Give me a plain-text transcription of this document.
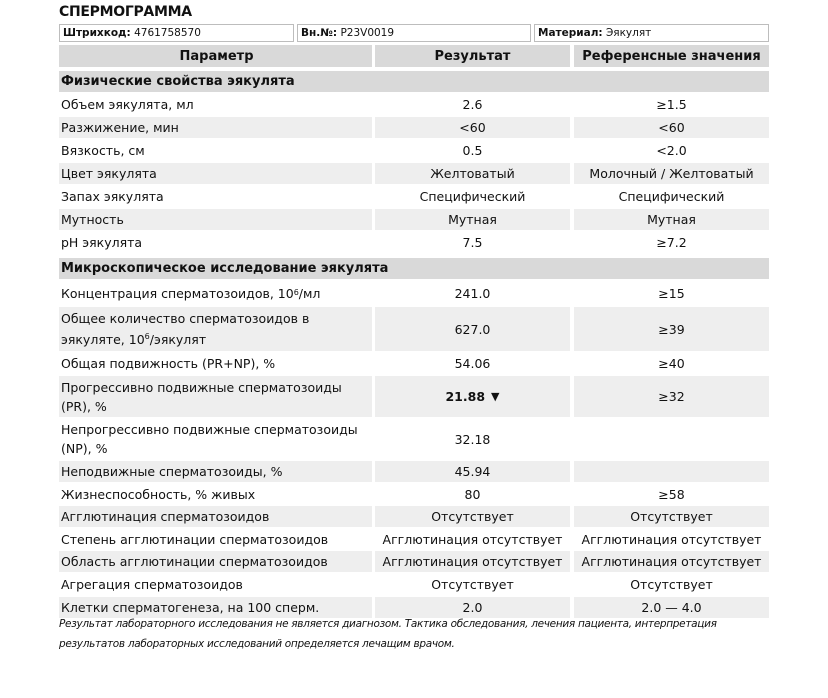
СПЕРМОГРАММА
Штрихкод: 4761758570	Вн.№: P23V0019	Материал: Эякулят
Параметр	Результат	Референсные значения
Физические свойства эякулята
Объем эякулята, мл	2.6	≥1.5
Разжижение, мин	<60	<60
Вязкость, см	0.5	<2.0
Цвет эякулята	Желтоватый	Молочный / Желтоватый
Запах эякулята	Специфический	Специфический
Мутность	Мутная	Мутная
pH эякулята	7.5	≥7.2
Микроскопическое исследование эякулята
Концентрация сперматозоидов, 10 6 /мл	241.0	≥15
Общее количество сперматозоидов в
эякуляте, $10^6$/эякулят
627.0	≥39
Общая подвижность (PR+NP), %	54.06	≥40
Прогрессивно подвижные сперматозоиды
(PR), %
21.88 ▼	≥32
Непрогрессивно подвижные сперматозоиды
(NP), %
32.18
Неподвижные сперматозоиды, %	45.94
Жизнеспособность, % живых	80	≥58
Агглютинация сперматозоидов	Отсутствует	Отсутствует
Степень агглютинации сперматозоидов	Агглютинация отсутствует	Агглютинация отсутствует
Область агглютинации сперматозоидов	Агглютинация отсутствует	Агглютинация отсутствует
Агрегация сперматозоидов	Отсутствует	Отсутствует
Клетки сперматогенеза, на 100 сперм.	2.0	2.0 — 4.0
Результат лабораторного исследования не является диагнозом. Тактика обследования, лечения пациента, интерпретация
результатов лабораторных исследований определяется лечащим врачом.
